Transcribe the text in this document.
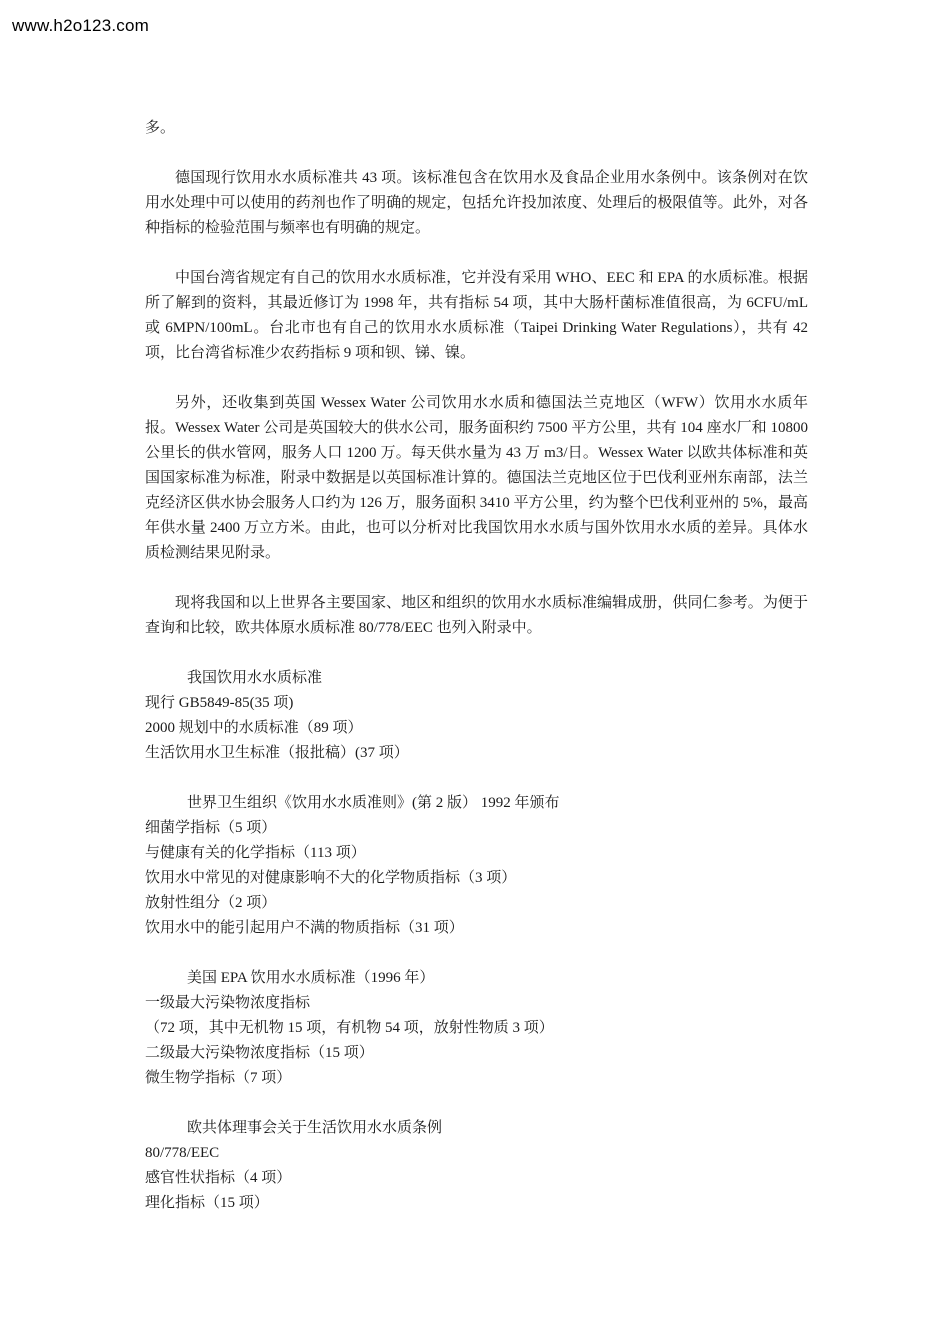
www.h2o123.com

多。

德国现行饮用水水质标准共 43 项。该标准包含在饮用水及食品企业用水条例中。该条例对在饮用水处理中可以使用的药剂也作了明确的规定，包括允许投加浓度、处理后的极限值等。此外，对各种指标的检验范围与频率也有明确的规定。

中国台湾省规定有自己的饮用水水质标准，它并没有采用 WHO、EEC 和 EPA 的水质标准。根据所了解到的资料，其最近修订为 1998 年，共有指标 54 项，其中大肠杆菌标准值很高，为 6CFU/mL 或 6MPN/100mL。台北市也有自己的饮用水水质标准（Taipei Drinking Water Regulations），共有 42 项，比台湾省标准少农药指标 9 项和钡、锑、镍。

另外，还收集到英国 Wessex Water 公司饮用水水质和德国法兰克地区（WFW）饮用水水质年报。Wessex Water 公司是英国较大的供水公司，服务面积约 7500 平方公里，共有 104 座水厂和 10800 公里长的供水管网，服务人口 1200 万。每天供水量为 43 万 m3/日。Wessex Water 以欧共体标准和英国国家标准为标准，附录中数据是以英国标准计算的。德国法兰克地区位于巴伐利亚州东南部，法兰克经济区供水协会服务人口约为 126 万，服务面积 3410 平方公里，约为整个巴伐利亚州的 5%，最高年供水量 2400 万立方米。由此，也可以分析对比我国饮用水水质与国外饮用水水质的差异。具体水质检测结果见附录。

现将我国和以上世界各主要国家、地区和组织的饮用水水质标准编辑成册，供同仁参考。为便于查询和比较，欧共体原水质标准 80/778/EEC 也列入附录中。

我国饮用水水质标准

现行 GB5849-85(35 项)

2000 规划中的水质标准（89 项）

生活饮用水卫生标准（报批稿）(37 项）

世界卫生组织《饮用水水质准则》(第 2 版） 1992 年颁布

细菌学指标（5 项）

与健康有关的化学指标（113 项）

饮用水中常见的对健康影响不大的化学物质指标（3 项）

放射性组分（2 项）

饮用水中的能引起用户不满的物质指标（31 项）

美国 EPA 饮用水水质标准（1996 年）

一级最大污染物浓度指标

（72 项，其中无机物 15 项，有机物 54 项，放射性物质 3 项）

二级最大污染物浓度指标（15 项）

微生物学指标（7 项）

欧共体理事会关于生活饮用水水质条例

80/778/EEC

感官性状指标（4 项）

理化指标（15 项）
